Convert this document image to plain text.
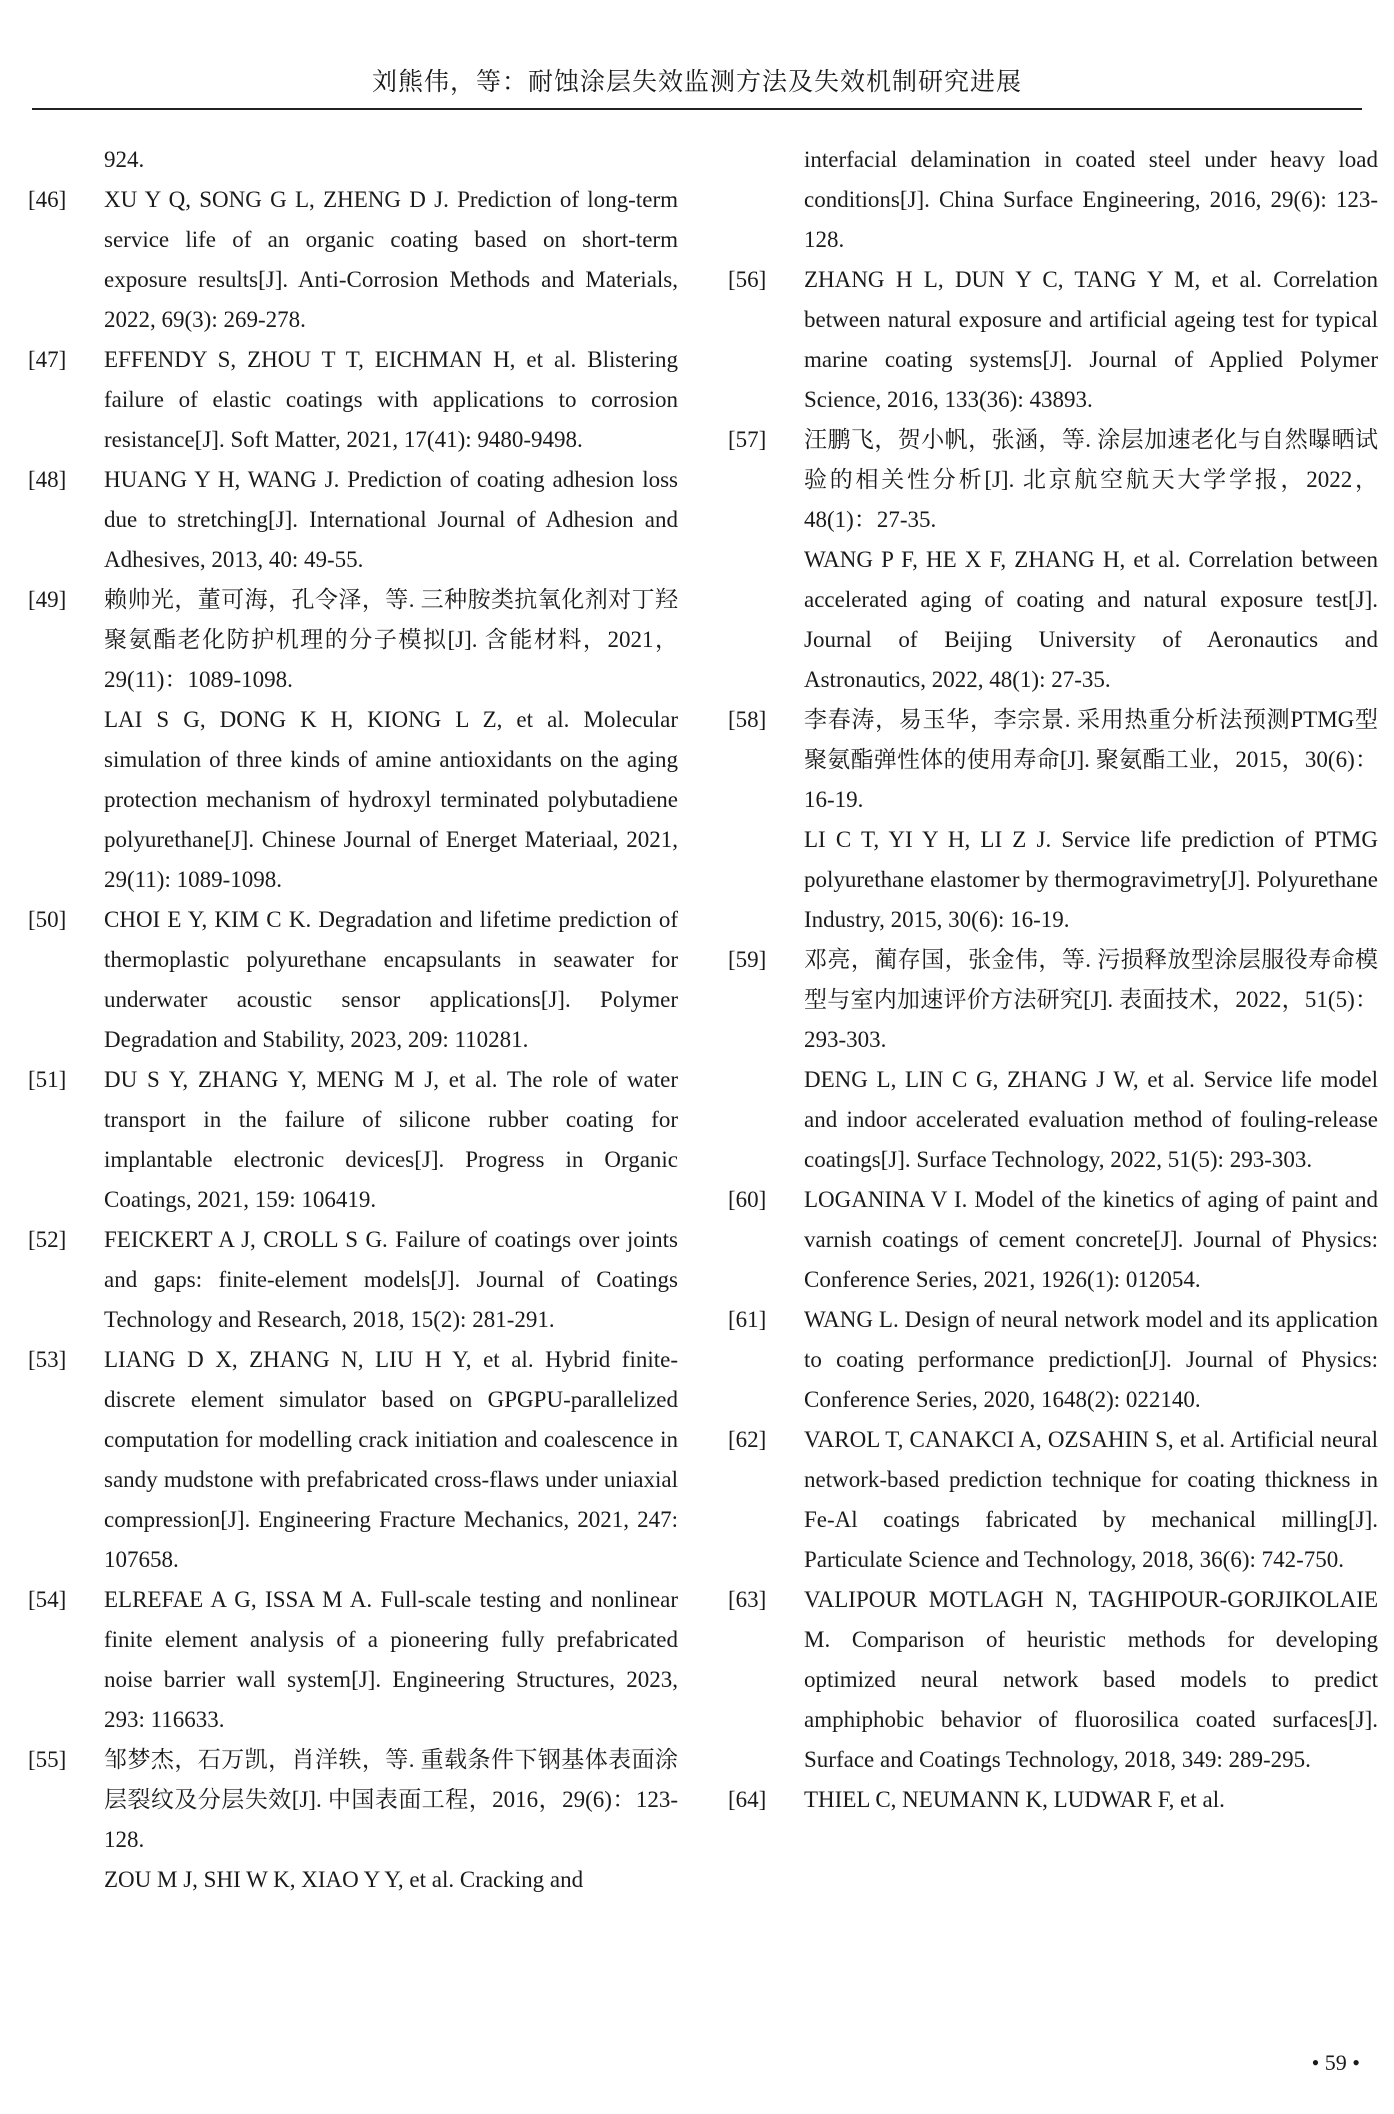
刘熊伟，等：耐蚀涂层失效监测方法及失效机制研究进展
924.
[46]	XU Y Q, SONG G L, ZHENG D J. Prediction of long-term service life of an organic coating based on short-term exposure results[J]. Anti-Corrosion Methods and Materials, 2022, 69(3): 269-278.

[47]	EFFENDY S, ZHOU T T, EICHMAN H, et al. Blistering failure of elastic coatings with applications to corrosion resistance[J]. Soft Matter, 2021, 17(41): 9480-9498.

[48]	HUANG Y H, WANG J. Prediction of coating adhesion loss due to stretching[J]. International Journal of Adhesion and Adhesives, 2013, 40: 49-55.

[49]	赖帅光，董可海，孔令泽，等. 三种胺类抗氧化剂对丁羟聚氨酯老化防护机理的分子模拟[J]. 含能材料，2021，29(11)：1089-1098.

LAI S G, DONG K H, KIONG L Z, et al. Molecular simulation of three kinds of amine antioxidants on the aging protection mechanism of hydroxyl terminated polybutadiene polyurethane[J]. Chinese Journal of Energet Materiaal, 2021, 29(11): 1089-1098.

[50]	CHOI E Y, KIM C K. Degradation and lifetime prediction of thermoplastic polyurethane encapsulants in seawater for underwater acoustic sensor applications[J]. Polymer Degradation and Stability, 2023, 209: 110281.

[51]	DU S Y, ZHANG Y, MENG M J, et al. The role of water transport in the failure of silicone rubber coating for implantable electronic devices[J]. Progress in Organic Coatings, 2021, 159: 106419.

[52]	FEICKERT A J, CROLL S G. Failure of coatings over joints and gaps: finite-element models[J]. Journal of Coatings Technology and Research, 2018, 15(2): 281-291.

[53]	LIANG D X, ZHANG N, LIU H Y, et al. Hybrid finite-discrete element simulator based on GPGPU-parallelized computation for modelling crack initiation and coalescence in sandy mudstone with prefabricated cross-flaws under uniaxial compression[J]. Engineering Fracture Mechanics, 2021, 247: 107658.

[54]	ELREFAE A G, ISSA M A. Full-scale testing and nonlinear finite element analysis of a pioneering fully prefabricated noise barrier wall system[J]. Engineering Structures, 2023, 293: 116633.

[55]	邹梦杰，石万凯，肖洋轶，等. 重载条件下钢基体表面涂层裂纹及分层失效[J]. 中国表面工程，2016，29(6)：123-128.

ZOU M J, SHI W K, XIAO Y Y, et al. Cracking and

interfacial delamination in coated steel under heavy load conditions[J]. China Surface Engineering, 2016, 29(6): 123-128.
[56]	ZHANG H L, DUN Y C, TANG Y M, et al. Correlation between natural exposure and artificial ageing test for typical marine coating systems[J]. Journal of Applied Polymer Science, 2016, 133(36): 43893.

[57]	汪鹏飞，贺小帆，张涵，等. 涂层加速老化与自然曝晒试验的相关性分析[J]. 北京航空航天大学学报，2022，48(1)：27-35.

WANG P F, HE X F, ZHANG H, et al. Correlation between accelerated aging of coating and natural exposure test[J]. Journal of Beijing University of Aeronautics and Astronautics, 2022, 48(1): 27-35.

[58]	李春涛，易玉华，李宗景. 采用热重分析法预测PTMG型聚氨酯弹性体的使用寿命[J]. 聚氨酯工业，2015，30(6)：16-19.

LI C T, YI Y H, LI Z J. Service life prediction of PTMG polyurethane elastomer by thermogravimetry[J]. Polyurethane Industry, 2015, 30(6): 16-19.

[59]	邓亮，蔺存国，张金伟，等. 污损释放型涂层服役寿命模型与室内加速评价方法研究[J]. 表面技术，2022，51(5)：293-303.

DENG L, LIN C G, ZHANG J W, et al. Service life model and indoor accelerated evaluation method of fouling-release coatings[J]. Surface Technology, 2022, 51(5): 293-303.

[60]	LOGANINA V I. Model of the kinetics of aging of paint and varnish coatings of cement concrete[J]. Journal of Physics: Conference Series, 2021, 1926(1): 012054.

[61]	WANG L. Design of neural network model and its application to coating performance prediction[J]. Journal of Physics: Conference Series, 2020, 1648(2): 022140.

[62]	VAROL T, CANAKCI A, OZSAHIN S, et al. Artificial neural network-based prediction technique for coating thickness in Fe-Al coatings fabricated by mechanical milling[J]. Particulate Science and Technology, 2018, 36(6): 742-750.

[63]	VALIPOUR MOTLAGH N, TAGHIPOUR-GORJIKOLAIE M. Comparison of heuristic methods for developing optimized neural network based models to predict amphiphobic behavior of fluorosilica coated surfaces[J]. Surface and Coatings Technology, 2018, 349: 289-295.

[64]	THIEL C, NEUMANN K, LUDWAR F, et al.

• 59 •
